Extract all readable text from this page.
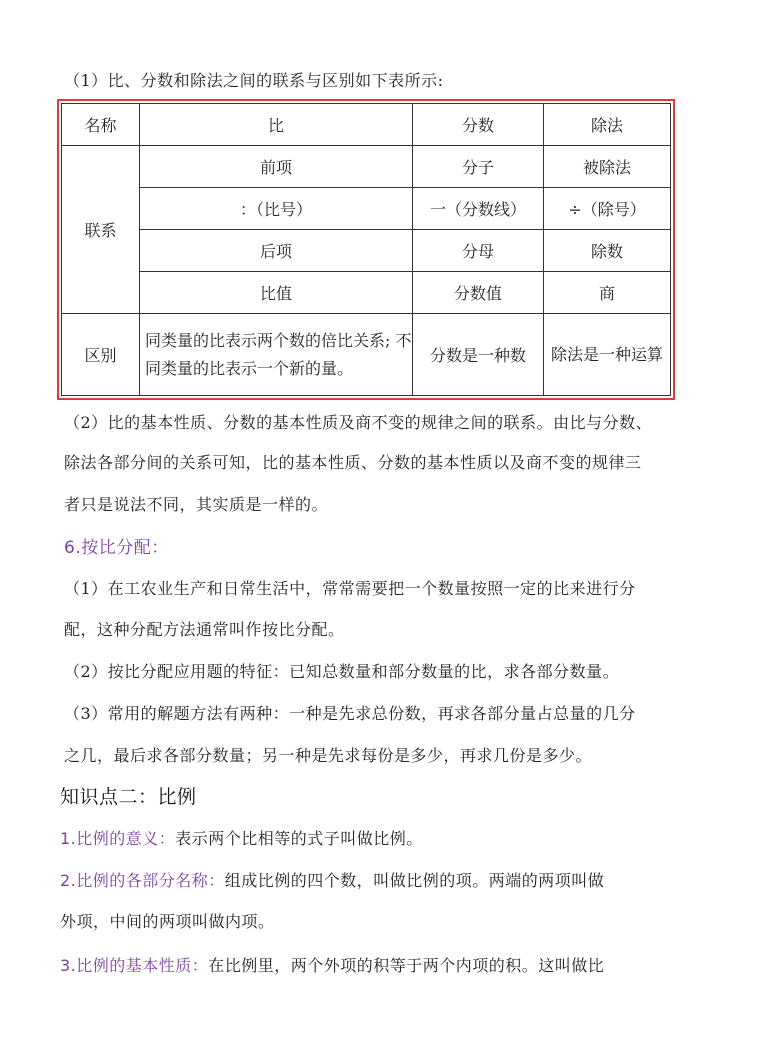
（1）比、分数和除法之间的联系与区别如下表所示:
名称	比	分数	除法
联系	前项	分子	被除法
	：（比号）	一（分数线）	÷（除号）
	后项	分母	除数
	比值	分数值	商
区别	同类量的比表示两个数的倍比关系; 不同类量的比表示一个新的量。	分数是一种数	除法是一种运算
（2）比的基本性质、分数的基本性质及商不变的规律之间的联系。由比与分数、
除法各部分间的关系可知，比的基本性质、分数的基本性质以及商不变的规律三
者只是说法不同，其实质是一样的。
6.按比分配：
（1）在工农业生产和日常生活中，常常需要把一个数量按照一定的比来进行分
配，这种分配方法通常叫作按比分配。
（2）按比分配应用题的特征：已知总数量和部分数量的比，求各部分数量。
（3）常用的解题方法有两种：一种是先求总份数，再求各部分量占总量的几分
之几，最后求各部分数量；另一种是先求每份是多少，再求几份是多少。
知识点二：比例
1.比例的意义：表示两个比相等的式子叫做比例。
2.比例的各部分名称：组成比例的四个数，叫做比例的项。两端的两项叫做
外项，中间的两项叫做内项。
3.比例的基本性质：在比例里，两个外项的积等于两个内项的积。这叫做比
